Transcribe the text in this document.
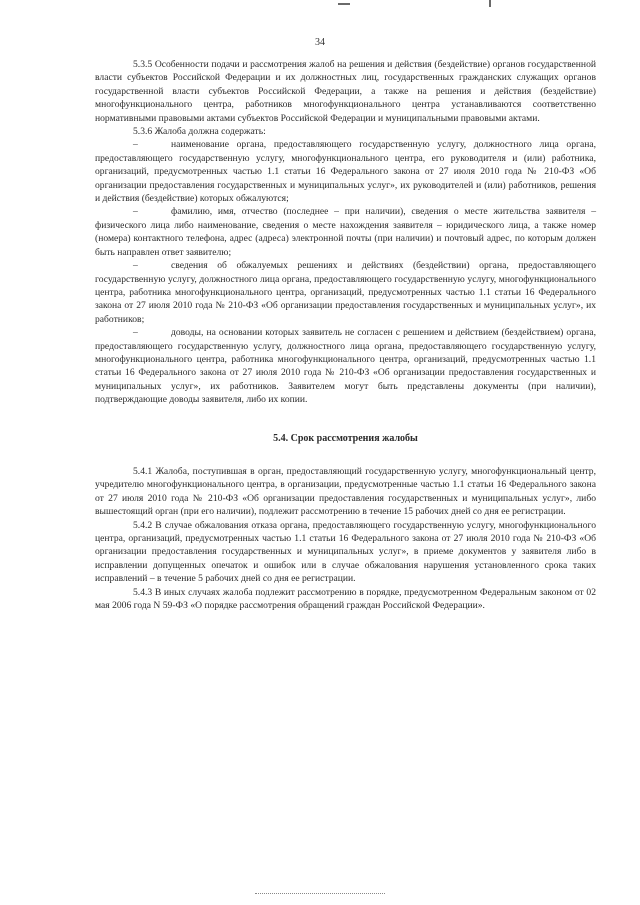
34

5.3.5 Особенности подачи и рассмотрения жалоб на решения и действия (бездействие) органов государственной власти субъектов Российской Федерации и их должностных лиц, государственных гражданских служащих органов государственной власти субъектов Российской Федерации, а также на решения и действия (бездействие) многофункционального центра, работников многофункционального центра устанавливаются соответственно нормативными правовыми актами субъектов Российской Федерации и муниципальными правовыми актами.

5.3.6 Жалоба должна содержать:

–	наименование органа, предоставляющего государственную услугу, должностного лица органа, предоставляющего государственную услугу, многофункционального центра, его руководителя и (или) работника, организаций, предусмотренных частью 1.1 статьи 16 Федерального закона от 27 июля 2010 года № 210-ФЗ «Об организации предоставления государственных и муниципальных услуг», их руководителей и (или) работников, решения и действия (бездействие) которых обжалуются;

–	фамилию, имя, отчество (последнее – при наличии), сведения о месте жительства заявителя – физического лица либо наименование, сведения о месте нахождения заявителя – юридического лица, а также номер (номера) контактного телефона, адрес (адреса) электронной почты (при наличии) и почтовый адрес, по которым должен быть направлен ответ заявителю;

–	сведения об обжалуемых решениях и действиях (бездействии) органа, предоставляющего государственную услугу, должностного лица органа, предоставляющего государственную услугу, многофункционального центра, работника многофункционального центра, организаций, предусмотренных частью 1.1 статьи 16 Федерального закона от 27 июля 2010 года № 210-ФЗ «Об организации предоставления государственных и муниципальных услуг», их работников;

–	доводы, на основании которых заявитель не согласен с решением и действием (бездействием) органа, предоставляющего государственную услугу, должностного лица органа, предоставляющего государственную услугу, многофункционального центра, работника многофункционального центра, организаций, предусмотренных частью 1.1 статьи 16 Федерального закона от 27 июля 2010 года № 210-ФЗ «Об организации предоставления государственных и муниципальных услуг», их работников. Заявителем могут быть представлены документы (при наличии), подтверждающие доводы заявителя, либо их копии.

5.4. Срок рассмотрения жалобы

5.4.1 Жалоба, поступившая в орган, предоставляющий государственную услугу, многофункциональный центр, учредителю многофункционального центра, в организации, предусмотренные частью 1.1 статьи 16 Федерального закона от 27 июля 2010 года № 210-ФЗ «Об организации предоставления государственных и муниципальных услуг», либо вышестоящий орган (при его наличии), подлежит рассмотрению в течение 15 рабочих дней со дня ее регистрации.

5.4.2 В случае обжалования отказа органа, предоставляющего государственную услугу, многофункционального центра, организаций, предусмотренных частью 1.1 статьи 16 Федерального закона от 27 июля 2010 года № 210-ФЗ «Об организации предоставления государственных и муниципальных услуг», в приеме документов у заявителя либо в исправлении допущенных опечаток и ошибок или в случае обжалования нарушения установленного срока таких исправлений – в течение 5 рабочих дней со дня ее регистрации.

5.4.3 В иных случаях жалоба подлежит рассмотрению в порядке, предусмотренном Федеральным законом от 02 мая 2006 года N 59-ФЗ «О порядке рассмотрения обращений граждан Российской Федерации».
